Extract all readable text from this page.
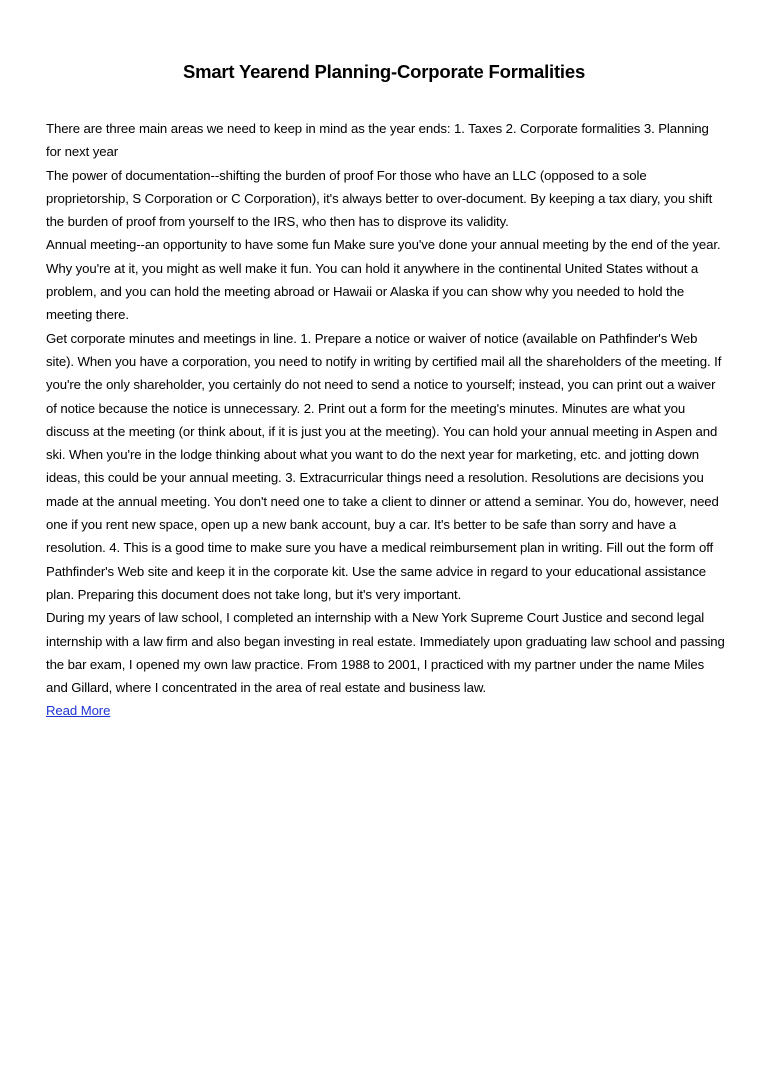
Smart Yearend Planning-Corporate Formalities

There are three main areas we need to keep in mind as the year ends: 1. Taxes 2. Corporate formalities 3. Planning for next year

The power of documentation--shifting the burden of proof For those who have an LLC (opposed to a sole proprietorship, S Corporation or C Corporation), it's always better to over-document. By keeping a tax diary, you shift the burden of proof from yourself to the IRS, who then has to disprove its validity.

Annual meeting--an opportunity to have some fun Make sure you've done your annual meeting by the end of the year. Why you're at it, you might as well make it fun. You can hold it anywhere in the continental United States without a problem, and you can hold the meeting abroad or Hawaii or Alaska if you can show why you needed to hold the meeting there.

Get corporate minutes and meetings in line. 1. Prepare a notice or waiver of notice (available on Pathfinder's Web site). When you have a corporation, you need to notify in writing by certified mail all the shareholders of the meeting. If you're the only shareholder, you certainly do not need to send a notice to yourself; instead, you can print out a waiver of notice because the notice is unnecessary. 2. Print out a form for the meeting's minutes. Minutes are what you discuss at the meeting (or think about, if it is just you at the meeting). You can hold your annual meeting in Aspen and ski. When you're in the lodge thinking about what you want to do the next year for marketing, etc. and jotting down ideas, this could be your annual meeting. 3. Extracurricular things need a resolution. Resolutions are decisions you made at the annual meeting. You don't need one to take a client to dinner or attend a seminar. You do, however, need one if you rent new space, open up a new bank account, buy a car. It's better to be safe than sorry and have a resolution. 4. This is a good time to make sure you have a medical reimbursement plan in writing. Fill out the form off Pathfinder's Web site and keep it in the corporate kit. Use the same advice in regard to your educational assistance plan. Preparing this document does not take long, but it's very important.

During my years of law school, I completed an internship with a New York Supreme Court Justice and second legal internship with a law firm and also began investing in real estate. Immediately upon graduating law school and passing the bar exam, I opened my own law practice. From 1988 to 2001, I practiced with my partner under the name Miles and Gillard, where I concentrated in the area of real estate and business law.

Read More
